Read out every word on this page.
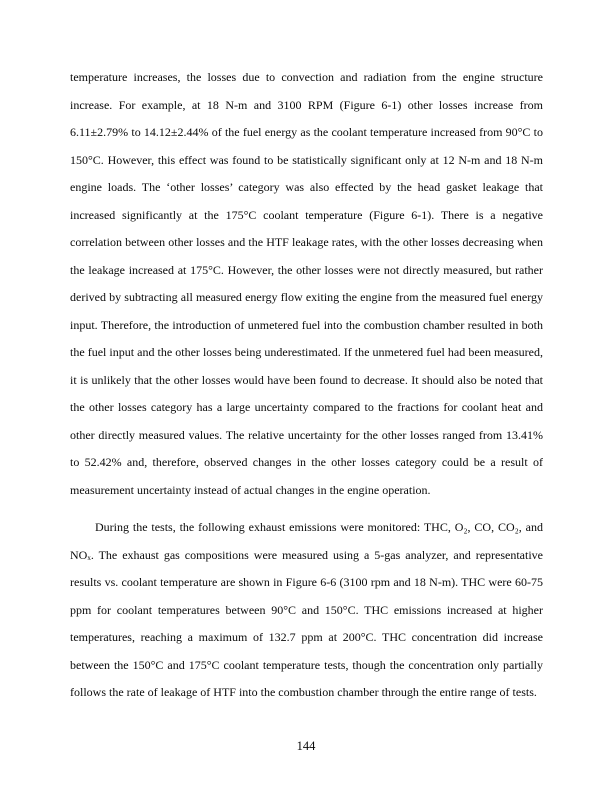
temperature increases, the losses due to convection and radiation from the engine structure
increase. For example, at 18 N-m and 3100 RPM (Figure 6-1) other losses increase from
6.11±2.79% to 14.12±2.44% of the fuel energy as the coolant temperature increased from 90°C to
150°C. However, this effect was found to be statistically significant only at 12 N-m and 18 N-m
engine loads. The ‘other losses’ category was also effected by the head gasket leakage that
increased significantly at the 175°C coolant temperature (Figure 6-1). There is a negative
correlation between other losses and the HTF leakage rates, with the other losses decreasing when
the leakage increased at 175°C. However, the other losses were not directly measured, but rather
derived by subtracting all measured energy flow exiting the engine from the measured fuel energy
input. Therefore, the introduction of unmetered fuel into the combustion chamber resulted in both
the fuel input and the other losses being underestimated. If the unmetered fuel had been measured,
it is unlikely that the other losses would have been found to decrease. It should also be noted that
the other losses category has a large uncertainty compared to the fractions for coolant heat and
other directly measured values. The relative uncertainty for the other losses ranged from 13.41%
to 52.42% and, therefore, observed changes in the other losses category could be a result of
measurement uncertainty instead of actual changes in the engine operation.
During the tests, the following exhaust emissions were monitored: THC, O₂, CO, CO₂, and
NOₓ. The exhaust gas compositions were measured using a 5-gas analyzer, and representative
results vs. coolant temperature are shown in Figure 6-6 (3100 rpm and 18 N-m). THC were 60-75
ppm for coolant temperatures between 90°C and 150°C. THC emissions increased at higher
temperatures, reaching a maximum of 132.7 ppm at 200°C. THC concentration did increase
between the 150°C and 175°C coolant temperature tests, though the concentration only partially
follows the rate of leakage of HTF into the combustion chamber through the entire range of tests.
144
